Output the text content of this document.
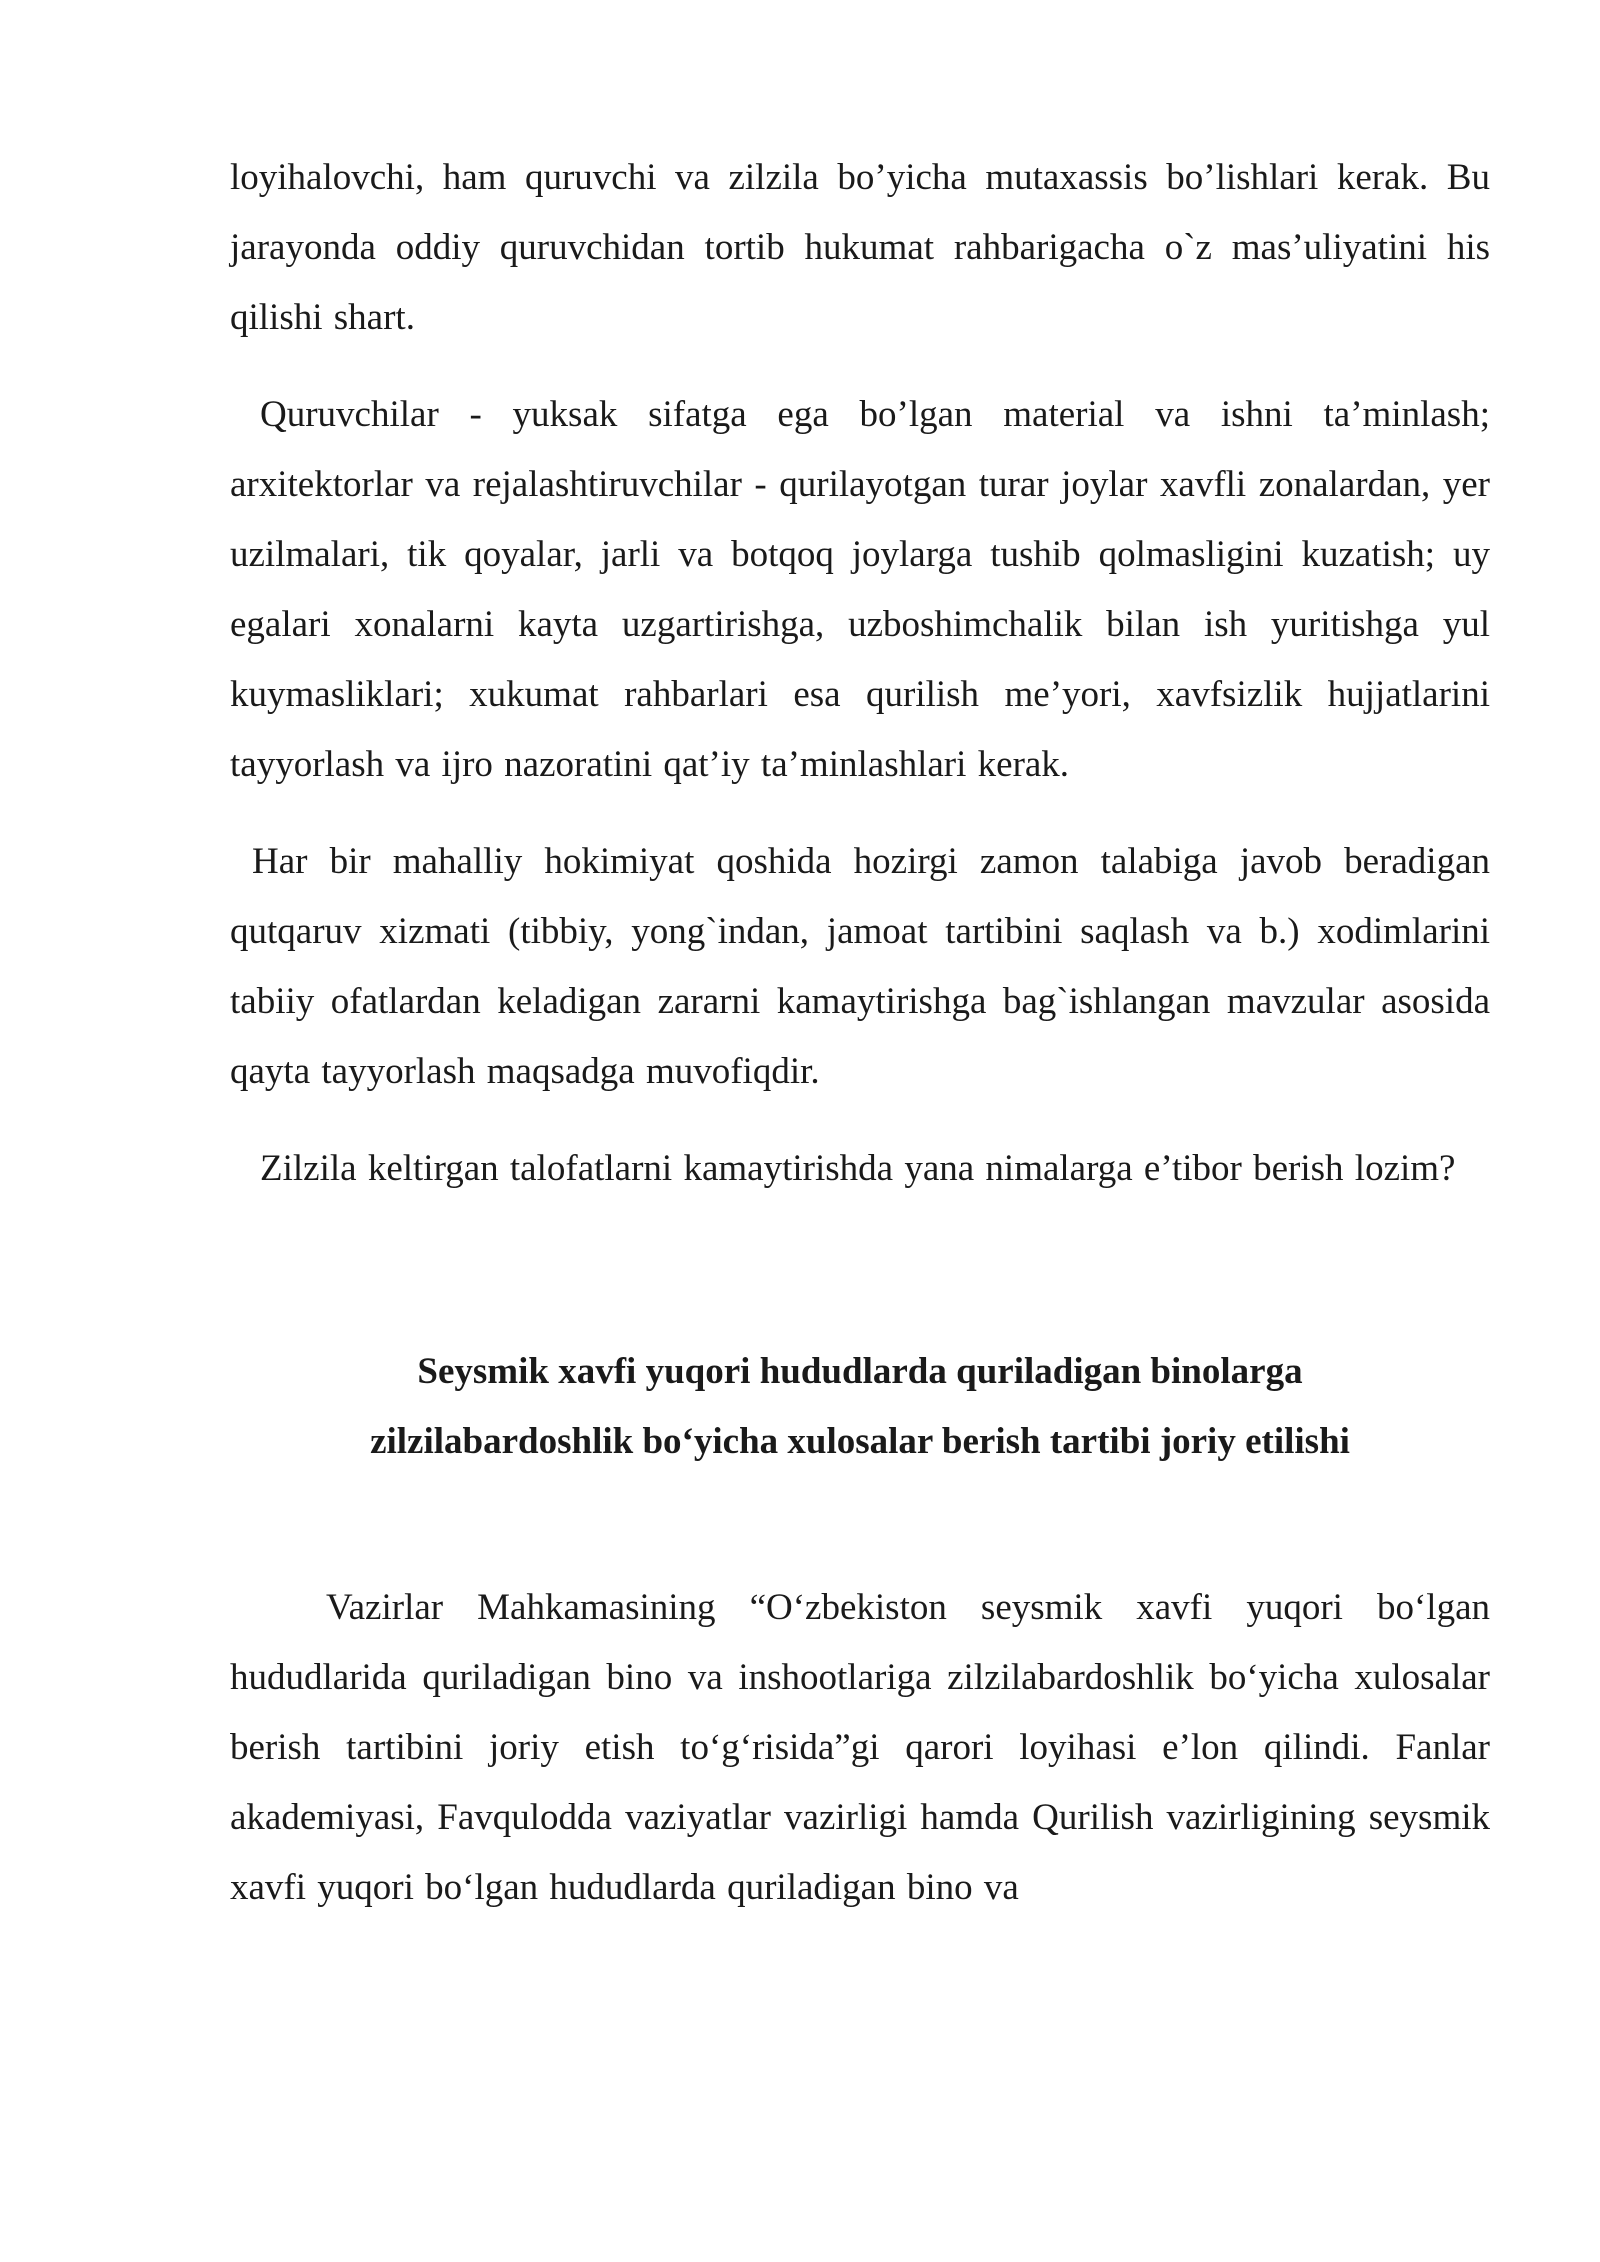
loyihalovchi, ham quruvchi va zilzila bo’yicha mutaxassis bo’lishlari kerak. Bu jarayonda oddiy quruvchidan tortib hukumat rahbarigacha o`z mas’uliyatini his qilishi shart.

Quruvchilar - yuksak sifatga ega bo’lgan material va ishni ta’minlash; arxitektorlar va rejalashtiruvchilar - qurilayotgan turar joylar xavfli zonalardan, yer uzilmalari, tik qoyalar, jarli va botqoq joylarga tushib qolmasligini kuzatish; uy egalari xonalarni kayta uzgartirishga, uzboshimchalik bilan ish yuritishga yul kuymasliklari; xukumat rahbarlari esa qurilish me’yori, xavfsizlik hujjatlarini tayyorlash va ijro nazoratini qat’iy ta’minlashlari kerak.

Har bir mahalliy hokimiyat qoshida hozirgi zamon talabiga javob beradigan qutqaruv xizmati (tibbiy, yong`indan, jamoat tartibini saqlash va b.) xodimlarini tabiiy ofatlardan keladigan zararni kamaytirishga bag`ishlangan mavzular asosida qayta tayyorlash maqsadga muvofiqdir.

Zilzila keltirgan talofatlarni kamaytirishda yana nimalarga e’tibor berish lozim?

Seysmik xavfi yuqori hududlarda quriladigan binolarga
zilzilabardoshlik bo‘yicha xulosalar berish tartibi joriy etilishi

Vazirlar Mahkamasining “O‘zbekiston seysmik xavfi yuqori bo‘lgan hududlarida quriladigan bino va inshootlariga zilzilabardoshlik bo‘yicha xulosalar berish tartibini joriy etish to‘g‘risida”gi qarori loyihasi e’lon qilindi. Fanlar akademiyasi, Favqulodda vaziyatlar vazirligi hamda Qurilish vazirligining seysmik xavfi yuqori bo‘lgan hududlarda quriladigan bino va
